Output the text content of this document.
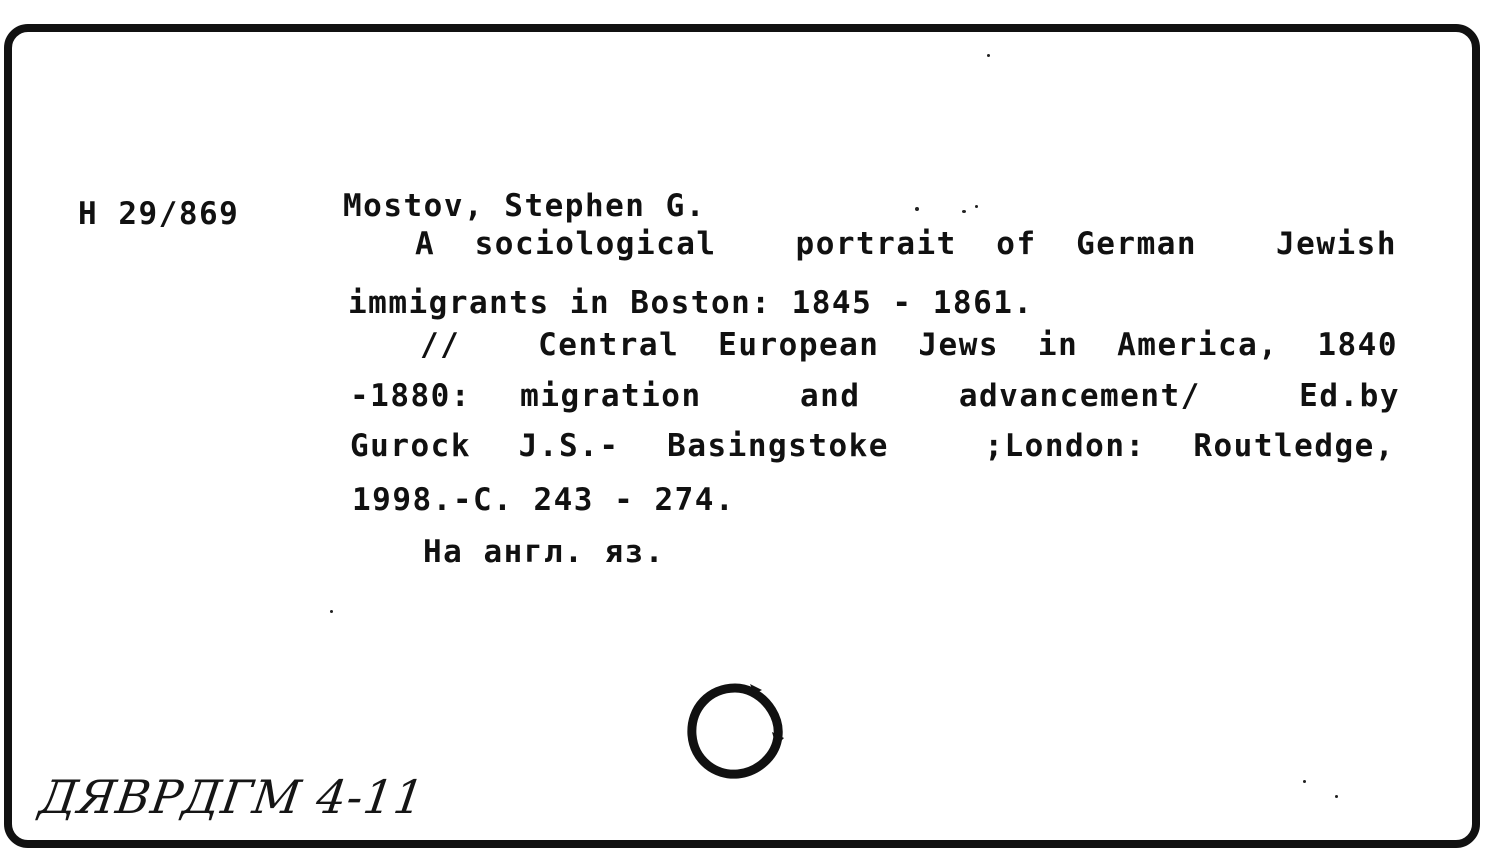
H 29/869	Mostov, Stephen G.
A sociological  portrait of German  Jewish
immigrants in Boston: 1845 - 1861.
//  Central European Jews in America, 1840
-1880: migration  and  advancement/  Ed.by
Gurock J.S.- Basingstoke  ;London: Routledge,
1998.-C. 243 - 274.
На англ. яз.
ДЯВРДГМ 4-11
